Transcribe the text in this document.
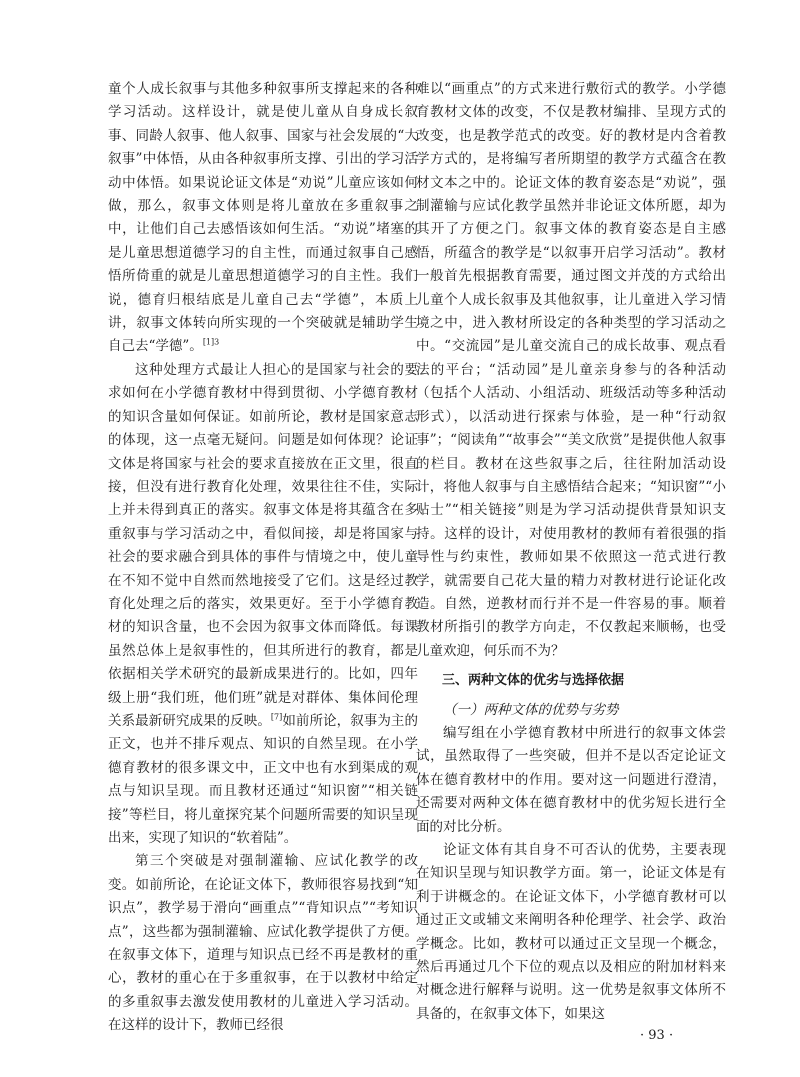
童个人成长叙事与其他多种叙事所支撑起来的各种学习活动。这样设计，就是使儿童从自身成长叙事、同龄人叙事、他人叙事、国家与社会发展的“大叙事”中体悟，从由各种叙事所支撑、引出的学习活动中体悟。如果说论证文体是“劝说”儿童应该如何做，那么，叙事文体则是将儿童放在多重叙事之中，让他们自己去感悟该如何生活。“劝说”堵塞的是儿童思想道德学习的自主性，而通过叙事自己感悟所倚重的就是儿童思想道德学习的自主性。我们说，德育归根结底是儿童自己去“学德”，本质上讲，叙事文体转向所实现的一个突破就是辅助学生自己去“学德”。$^{[1]3}$

这种处理方式最让人担心的是国家与社会的要求如何在小学德育教材中得到贯彻、小学德育教材的知识含量如何保证。如前所论，教材是国家意志的体现，这一点毫无疑问。问题是如何体现？论证文体是将国家与社会的要求直接放在正文里，很直接，但没有进行教育化处理，效果往往不佳，实际上并未得到真正的落实。叙事文体是将其蕴含在多重叙事与学习活动之中，看似间接，却是将国家与社会的要求融合到具体的事件与情境之中，使儿童在不知不觉中自然而然地接受了它们。这是经过教育化处理之后的落实，效果更好。至于小学德育教材的知识含量，也不会因为叙事文体而降低。每课虽然总体上是叙事性的，但其所进行的教育，都是依据相关学术研究的最新成果进行的。比如，四年级上册“我们班，他们班”就是对群体、集体间伦理关系最新研究成果的反映。[7]如前所论，叙事为主的正文，也并不排斥观点、知识的自然呈现。在小学德育教材的很多课文中，正文中也有水到渠成的观点与知识呈现。而且教材还通过“知识窗”“相关链接”等栏目，将儿童探究某个问题所需要的知识呈现出来，实现了知识的“软着陆”。

第三个突破是对强制灌输、应试化教学的改变。如前所论，在论证文体下，教师很容易找到“知识点”，教学易于滑向“画重点”“背知识点”“考知识点”，这些都为强制灌输、应试化教学提供了方便。在叙事文体下，道理与知识点已经不再是教材的重心，教材的重心在于多重叙事，在于以教材中给定的多重叙事去激发使用教材的儿童进入学习活动。在这样的设计下，教师已经很

难以“画重点”的方式来进行敷衍式的教学。小学德育教材文体的改变，不仅是教材编排、呈现方式的改变，也是教学范式的改变。好的教材是内含着教学方式的，是将编写者所期望的教学方式蕴含在教材文本之中的。论证文体的教育姿态是“劝说”，强制灌输与应试化教学虽然并非论证文体所愿，却为其开了方便之门。叙事文体的教育姿态是自主感悟，所蕴含的教学是“以叙事开启学习活动”。教材一般首先根据教育需要，通过图文并茂的方式给出儿童个人成长叙事及其他叙事，让儿童进入学习情境之中，进入教材所设定的各种类型的学习活动之中。“交流园”是儿童交流自己的成长故事、观点看法的平台；“活动园”是儿童亲身参与的各种活动（包括个人活动、小组活动、班级活动等多种活动形式），以活动进行探索与体验，是一种“行动叙事”；“阅读角”“故事会”“美文欣赏”是提供他人叙事的栏目。教材在这些叙事之后，往往附加活动设计，将他人叙事与自主感悟结合起来；“知识窗”“小贴士”“相关链接”则是为学习活动提供背景知识支持。这样的设计，对使用教材的教师有着很强的指导性与约束性，教师如果不依照这一范式进行教学，就需要自己花大量的精力对教材进行论证化改造。自然，逆教材而行并不是一件容易的事。顺着教材所指引的教学方向走，不仅教起来顺畅，也受儿童欢迎，何乐而不为？

三、两种文体的优劣与选择依据
（一）两种文体的优势与劣势

编写组在小学德育教材中所进行的叙事文体尝试，虽然取得了一些突破，但并不是以否定论证文体在德育教材中的作用。要对这一问题进行澄清，还需要对两种文体在德育教材中的优劣短长进行全面的对比分析。

论证文体有其自身不可否认的优势，主要表现在知识呈现与知识教学方面。第一，论证文体是有利于讲概念的。在论证文体下，小学德育教材可以通过正文或辅文来阐明各种伦理学、社会学、政治学概念。比如，教材可以通过正文呈现一个概念，然后再通过几个下位的观点以及相应的附加材料来对概念进行解释与说明。这一优势是叙事文体所不具备的，在叙事文体下，如果这

· 93 ·
